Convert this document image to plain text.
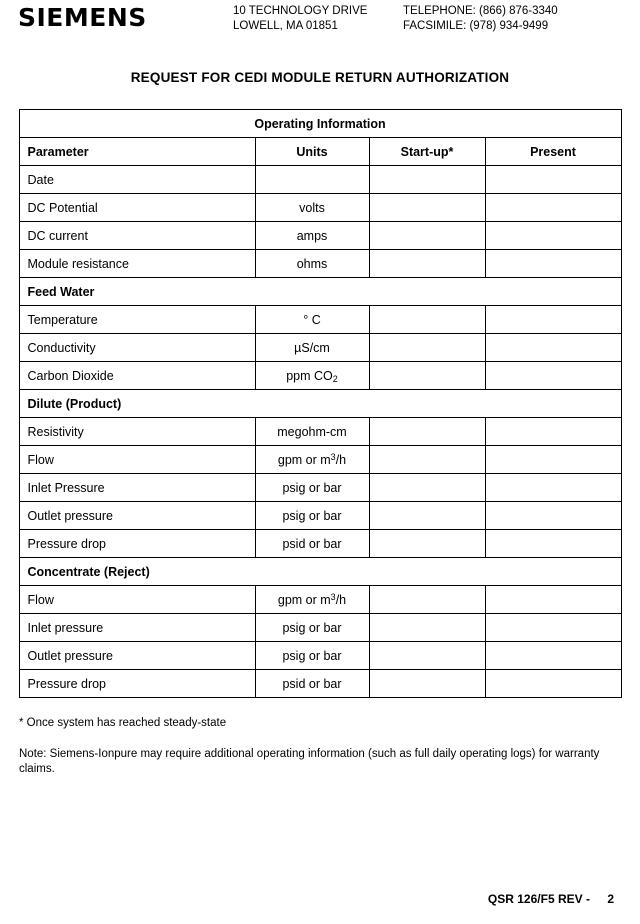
SIEMENS	10 TECHNOLOGY DRIVE
LOWELL, MA 01851
TELEPHONE: (866) 876-3340
FACSIMILE: (978) 934-9499
REQUEST FOR CEDI MODULE RETURN AUTHORIZATION
Operating Information			
Parameter	Units	Start-up*	Present
Date			
DC Potential	volts		
DC current	amps		
Module resistance	ohms		
Feed Water			
Temperature	° C		
Conductivity	µS/cm		
Carbon Dioxide	ppm $CO_2$		
Dilute (Product)			
Resistivity	megohm-cm		
Flow	gpm or $m^3/h$		
Inlet Pressure	psig or bar		
Outlet pressure	psig or bar		
Pressure drop	psid or bar		
Concentrate (Reject)			
Flow	gpm or $m^3/h$		
Inlet pressure	psig or bar		
Outlet pressure	psig or bar		
Pressure drop	psid or bar		
* Once system has reached steady-state
Note: Siemens-Ionpure may require additional operating information (such as full daily operating logs) for warranty claims.
QSR 126/F5 REV - 2
